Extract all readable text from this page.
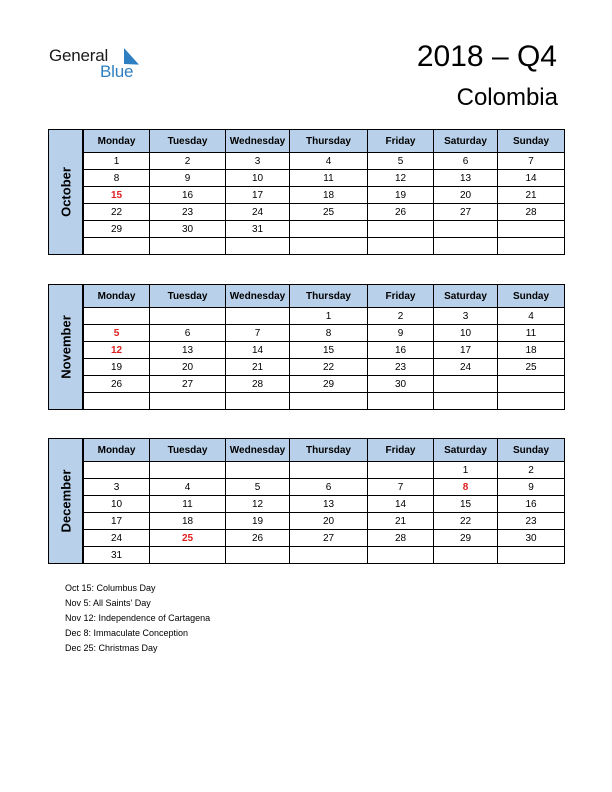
General
Blue	2018 – Q4
Colombia
October
Monday	Tuesday	Wednesday	Thursday	Friday	Saturday	Sunday
1	2	3	4	5	6	7
8	9	10	11	12	13	14
15	16	17	18	19	20	21
22	23	24	25	26	27	28
29	30	31				

November
Monday	Tuesday	Wednesday	Thursday	Friday	Saturday	Sunday
			1	2	3	4
5	6	7	8	9	10	11
12	13	14	15	16	17	18
19	20	21	22	23	24	25
26	27	28	29	30		

December
Monday	Tuesday	Wednesday	Thursday	Friday	Saturday	Sunday
					1	2
3	4	5	6	7	8	9
10	11	12	13	14	15	16
17	18	19	20	21	22	23
24	25	26	27	28	29	30
31						
Oct 15: Columbus Day
Nov 5: All Saints' Day
Nov 12: Independence of Cartagena
Dec 8: Immaculate Conception
Dec 25: Christmas Day
